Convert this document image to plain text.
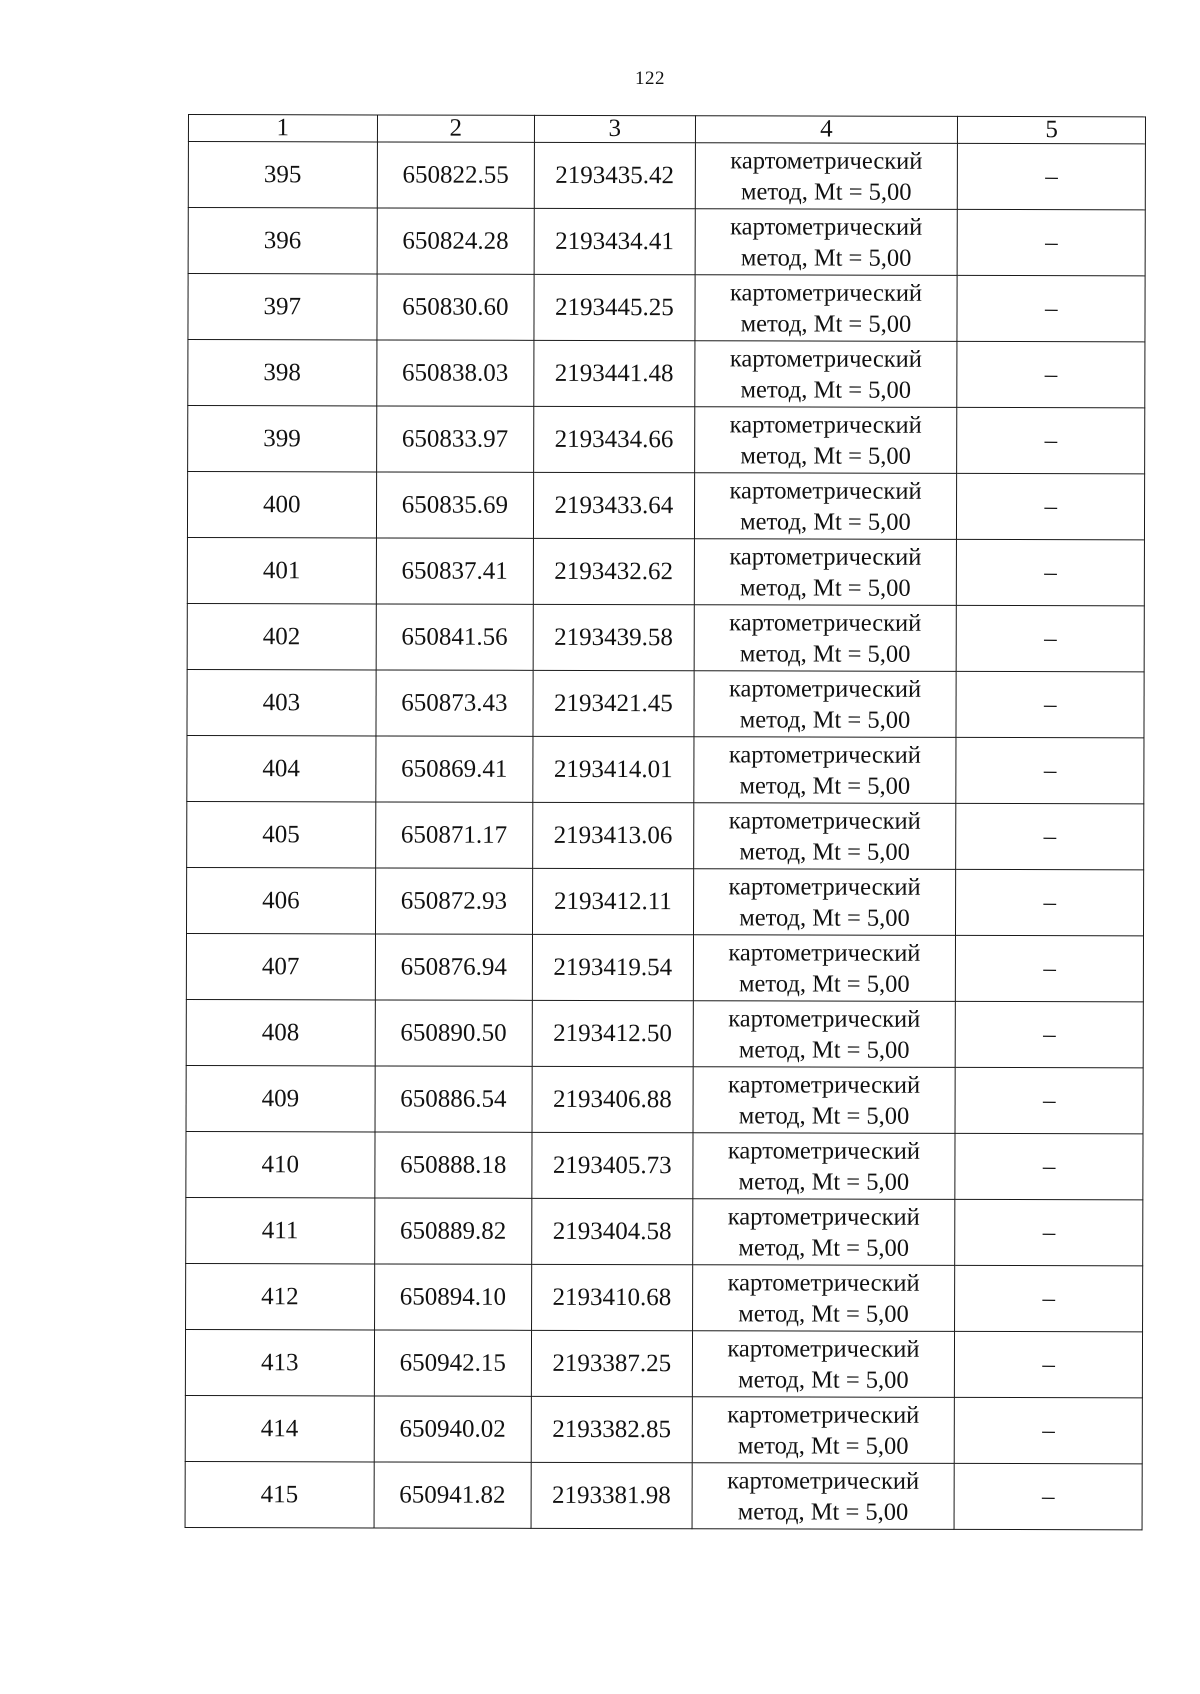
122
1	2	3	4	5
395	650822.55	2193435.42	картометрический
метод, Mt = 5,00	–
396	650824.28	2193434.41	картометрический
метод, Mt = 5,00	–
397	650830.60	2193445.25	картометрический
метод, Mt = 5,00	–
398	650838.03	2193441.48	картометрический
метод, Mt = 5,00	–
399	650833.97	2193434.66	картометрический
метод, Mt = 5,00	–
400	650835.69	2193433.64	картометрический
метод, Mt = 5,00	–
401	650837.41	2193432.62	картометрический
метод, Mt = 5,00	–
402	650841.56	2193439.58	картометрический
метод, Mt = 5,00	–
403	650873.43	2193421.45	картометрический
метод, Mt = 5,00	–
404	650869.41	2193414.01	картометрический
метод, Mt = 5,00	–
405	650871.17	2193413.06	картометрический
метод, Mt = 5,00	–
406	650872.93	2193412.11	картометрический
метод, Mt = 5,00	–
407	650876.94	2193419.54	картометрический
метод, Mt = 5,00	–
408	650890.50	2193412.50	картометрический
метод, Mt = 5,00	–
409	650886.54	2193406.88	картометрический
метод, Mt = 5,00	–
410	650888.18	2193405.73	картометрический
метод, Mt = 5,00	–
411	650889.82	2193404.58	картометрический
метод, Mt = 5,00	–
412	650894.10	2193410.68	картометрический
метод, Mt = 5,00	–
413	650942.15	2193387.25	картометрический
метод, Mt = 5,00	–
414	650940.02	2193382.85	картометрический
метод, Mt = 5,00	–
415	650941.82	2193381.98	картометрический
метод, Mt = 5,00	–
